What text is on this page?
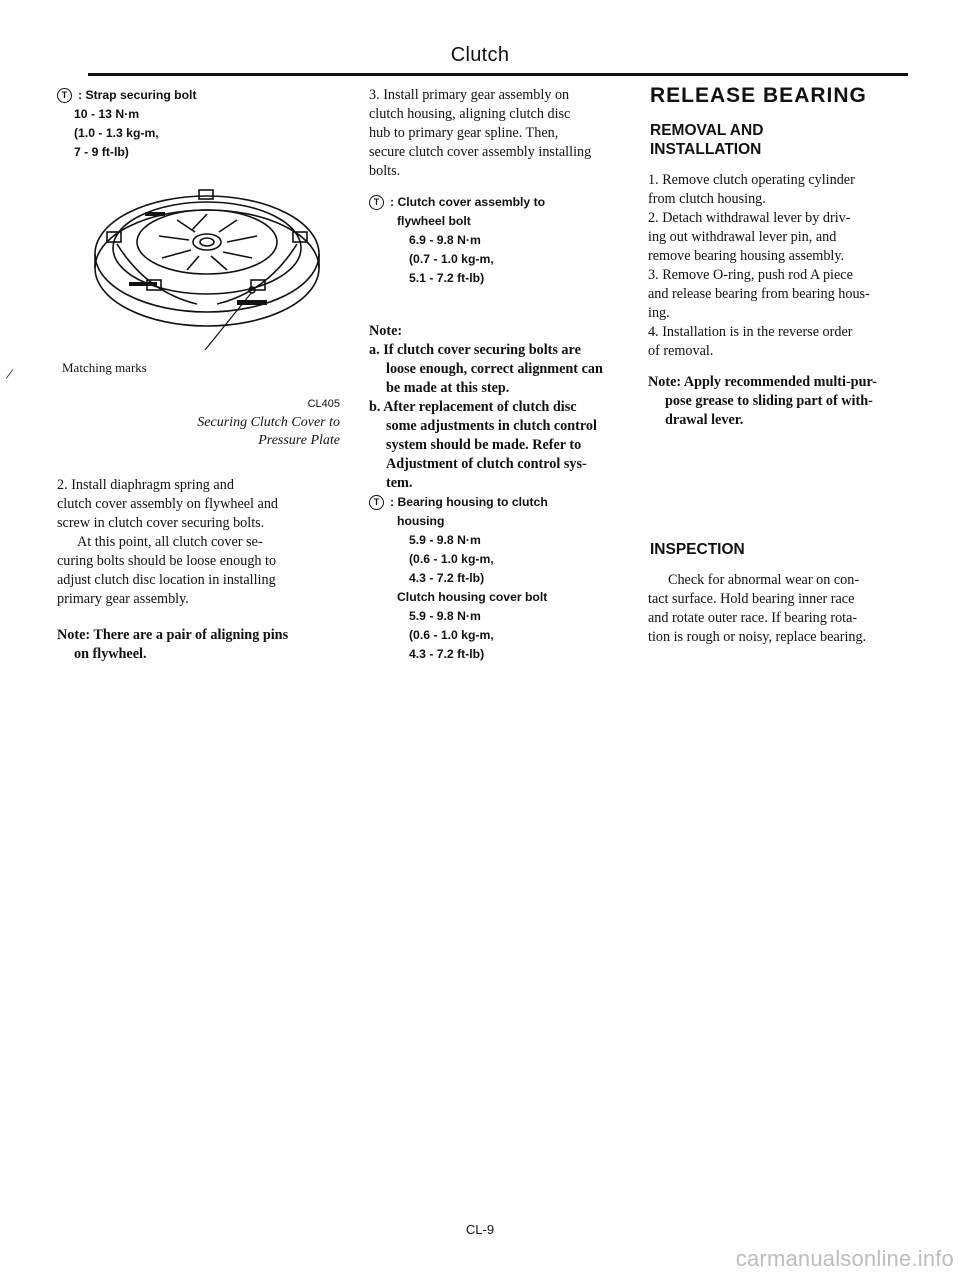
Clutch
/
T : Strap securing bolt
10 - 13 N·m
(1.0 - 1.3 kg-m,
7 - 9 ft-lb)
Matching marks
CL405
Securing Clutch Cover to
Pressure Plate
2. Install diaphragm spring and
clutch cover assembly on flywheel and
screw in clutch cover securing bolts.
At this point, all clutch cover se-
curing bolts should be loose enough to
adjust clutch disc location in installing
primary gear assembly.
Note: There are a pair of aligning pins
on flywheel.
3. Install primary gear assembly on
clutch housing, aligning clutch disc
hub to primary gear spline. Then,
secure clutch cover assembly installing
bolts.
T : Clutch cover assembly to
flywheel bolt
6.9 - 9.8 N·m
(0.7 - 1.0 kg-m,
5.1 - 7.2 ft-lb)
Note:
a. If clutch cover securing bolts are
loose enough, correct alignment can
be made at this step.
b. After replacement of clutch disc
some adjustments in clutch control
system should be made. Refer to
Adjustment of clutch control sys-
tem.
T : Bearing housing to clutch
housing
5.9 - 9.8 N·m
(0.6 - 1.0 kg-m,
4.3 - 7.2 ft-lb)
Clutch housing cover bolt
5.9 - 9.8 N·m
(0.6 - 1.0 kg-m,
4.3 - 7.2 ft-lb)
RELEASE BEARING
REMOVAL AND
INSTALLATION
1. Remove clutch operating cylinder
from clutch housing.
2. Detach withdrawal lever by driv-
ing out withdrawal lever pin, and
remove bearing housing assembly.
3. Remove O-ring, push rod A piece
and release bearing from bearing hous-
ing.
4. Installation is in the reverse order
of removal.
Note: Apply recommended multi-pur-
pose grease to sliding part of with-
drawal lever.
INSPECTION
Check for abnormal wear on con-
tact surface. Hold bearing inner race
and rotate outer race. If bearing rota-
tion is rough or noisy, replace bearing.
CL-9
carmanualsonline.info
